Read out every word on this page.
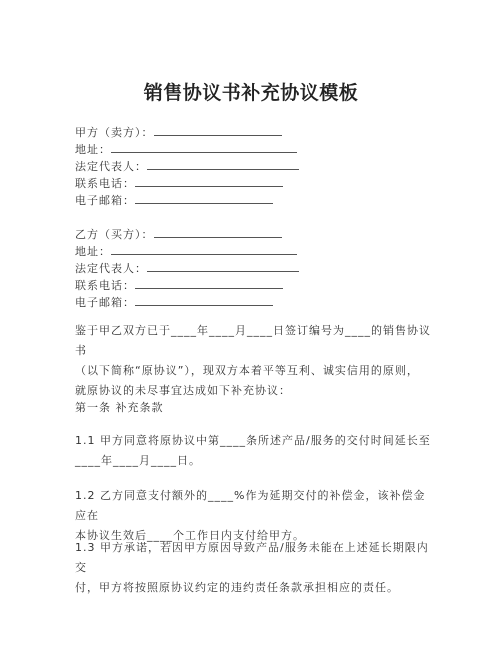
销售协议书补充协议模板
甲方（卖方）：
地址：
法定代表人：
联系电话：
电子邮箱：
乙方（买方）：
地址：
法定代表人：
联系电话：
电子邮箱：

鉴于甲乙双方已于____年____月____日签订编号为____的销售协议书

（以下简称“原协议”），现双方本着平等互利、诚实信用的原则，

就原协议的未尽事宜达成如下补充协议：

第一条 补充条款

1.1 甲方同意将原协议中第____条所述产品/服务的交付时间延长至

____年____月____日。

1.2 乙方同意支付额外的____%作为延期交付的补偿金，该补偿金应在

本协议生效后____个工作日内支付给甲方。

1.3 甲方承诺，若因甲方原因导致产品/服务未能在上述延长期限内交

付，甲方将按照原协议约定的违约责任条款承担相应的责任。
